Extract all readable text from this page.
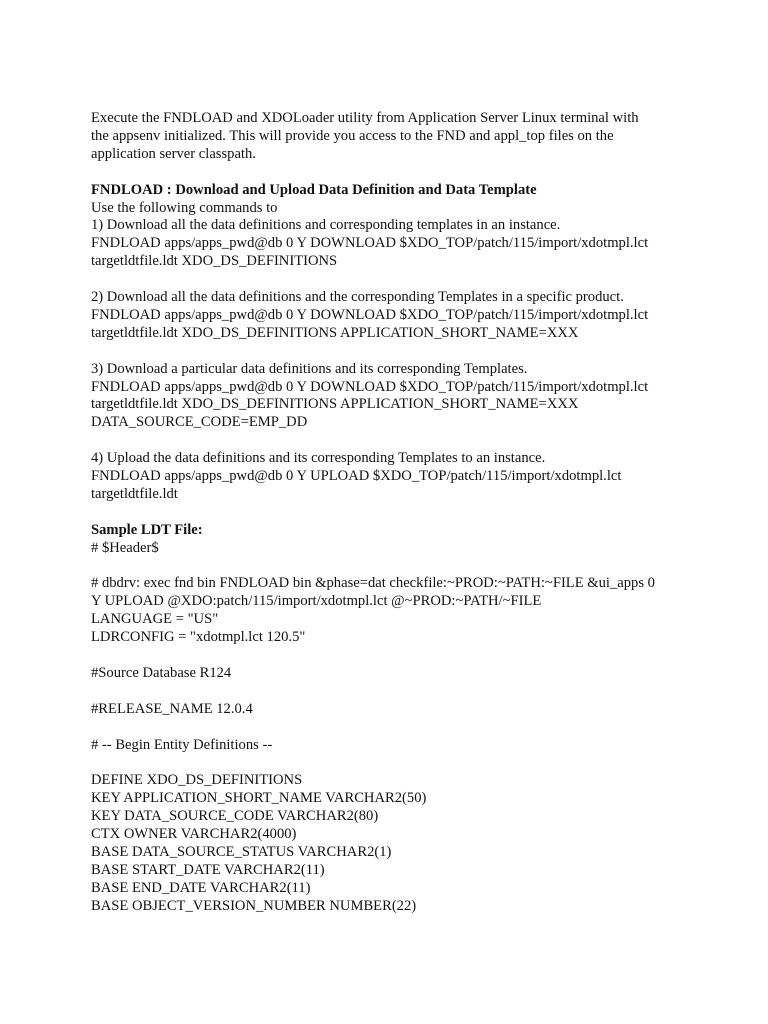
Execute the FNDLOAD and XDOLoader utility from Application Server Linux terminal with
the appsenv initialized. This will provide you access to the FND and appl_top files on the
application server classpath.
FNDLOAD : Download and Upload Data Definition and Data Template
Use the following commands to
1) Download all the data definitions and corresponding templates in an instance.
FNDLOAD apps/apps_pwd@db 0 Y DOWNLOAD $XDO_TOP/patch/115/import/xdotmpl.lct
targetldtfile.ldt XDO_DS_DEFINITIONS
2) Download all the data definitions and the corresponding Templates in a specific product.
FNDLOAD apps/apps_pwd@db 0 Y DOWNLOAD $XDO_TOP/patch/115/import/xdotmpl.lct
targetldtfile.ldt XDO_DS_DEFINITIONS APPLICATION_SHORT_NAME=XXX
3) Download a particular data definitions and its corresponding Templates.
FNDLOAD apps/apps_pwd@db 0 Y DOWNLOAD $XDO_TOP/patch/115/import/xdotmpl.lct
targetldtfile.ldt XDO_DS_DEFINITIONS APPLICATION_SHORT_NAME=XXX
DATA_SOURCE_CODE=EMP_DD
4) Upload the data definitions and its corresponding Templates to an instance.
FNDLOAD apps/apps_pwd@db 0 Y UPLOAD $XDO_TOP/patch/115/import/xdotmpl.lct
targetldtfile.ldt
Sample LDT File:
# $Header$
# dbdrv: exec fnd bin FNDLOAD bin &phase=dat checkfile:~PROD:~PATH:~FILE &ui_apps 0
Y UPLOAD @XDO:patch/115/import/xdotmpl.lct @~PROD:~PATH/~FILE
LANGUAGE = "US"
LDRCONFIG = "xdotmpl.lct 120.5"
#Source Database R124
#RELEASE_NAME 12.0.4
# -- Begin Entity Definitions --
DEFINE XDO_DS_DEFINITIONS
KEY APPLICATION_SHORT_NAME VARCHAR2(50)
KEY DATA_SOURCE_CODE VARCHAR2(80)
CTX OWNER VARCHAR2(4000)
BASE DATA_SOURCE_STATUS VARCHAR2(1)
BASE START_DATE VARCHAR2(11)
BASE END_DATE VARCHAR2(11)
BASE OBJECT_VERSION_NUMBER NUMBER(22)
